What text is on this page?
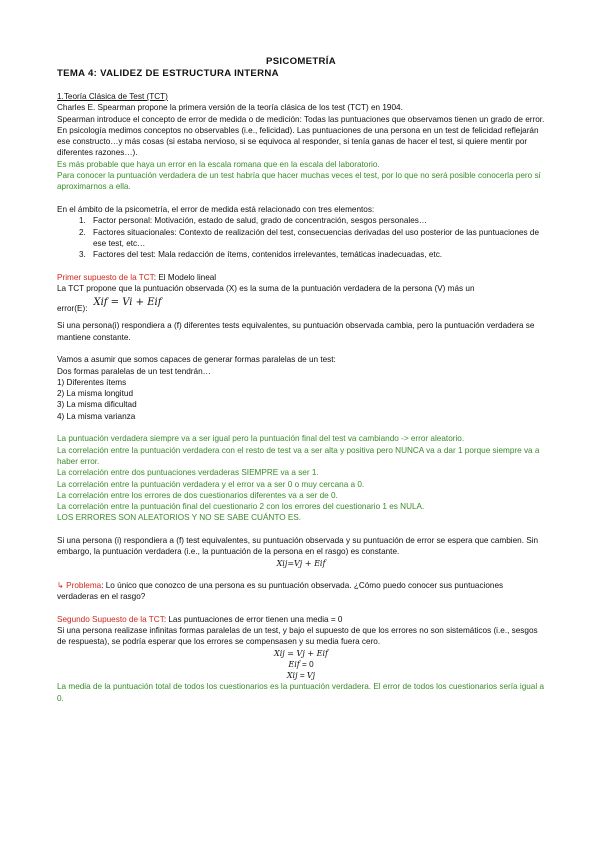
PSICOMETRÍA
TEMA 4: VALIDEZ DE ESTRUCTURA INTERNA
1.Teoría Clásica de Test (TCT)
Charles E. Spearman propone la primera versión de la teoría clásica de los test (TCT) en 1904.
Spearman introduce el concepto de error de medida o de medición: Todas las puntuaciones que observamos tienen un grado de error.
En psicología medimos conceptos no observables (i.e., felicidad). Las puntuaciones de una persona en un test de felicidad reflejarán ese constructo…y más cosas (si estaba nervioso, si se equivoca al responder, si tenía ganas de hacer el test, si quiere mentir por diferentes razones…).
Es más probable que haya un error en la escala romana que en la escala del laboratorio.
Para conocer la puntuación verdadera de un test habría que hacer muchas veces el test, por lo que no será posible conocerla pero sí aproximarnos a ella.
En el ámbito de la psicometría, el error de medida está relacionado con tres elementos:
1. Factor personal: Motivación, estado de salud, grado de concentración, sesgos personales…
2. Factores situacionales: Contexto de realización del test, consecuencias derivadas del uso posterior de las puntuaciones de ese test, etc…
3. Factores del test: Mala redacción de ítems, contenidos irrelevantes, temáticas inadecuadas, etc.
Primer supuesto de la TCT: El Modelo lineal
La TCT propone que la puntuación observada (X) es la suma de la puntuación verdadera de la persona (V) más un
error(E):
Xif = Vi + Eif
Si una persona(i) respondiera a (f) diferentes tests equivalentes, su puntuación observada cambia, pero la puntuación verdadera se mantiene constante.
Vamos a asumir que somos capaces de generar formas paralelas de un test:
Dos formas paralelas de un test tendrán…
1) Diferentes ítems
2) La misma longitud
3) La misma dificultad
4) La misma varianza
La puntuación verdadera siempre va a ser igual pero la puntuación final del test va cambiando -> error aleatorio.
La correlación entre la puntuación verdadera con el resto de test va a ser alta y positiva pero NUNCA va a dar 1 porque siempre va a haber error.
La correlación entre dos puntuaciones verdaderas SIEMPRE va a ser 1.
La correlación entre la puntuación verdadera y el error va a ser 0 o muy cercana a 0.
La correlación entre los errores de dos cuestionarios diferentes va a ser de 0.
La correlación entre la puntuación final del cuestionario 2 con los errores del cuestionario 1 es NULA.
LOS ERRORES SON ALEATORIOS Y NO SE SABE CUÁNTO ES.
Si una persona (i) respondiera a (f) test equivalentes, su puntuación observada y su puntuación de error se espera que cambien. Sin embargo, la puntuación verdadera (i.e., la puntuación de la persona en el rasgo) es constante.
Xij=Vj + Eif
↳ Problema: Lo único que conozco de una persona es su puntuación observada. ¿Cómo puedo conocer sus puntuaciones verdaderas en el rasgo?
Segundo Supuesto de la TCT: Las puntuaciones de error tienen una media = 0
Si una persona realizase infinitas formas paralelas de un test, y bajo el supuesto de que los errores no son sistemáticos (i.e., sesgos de respuesta), se podría esperar que los errores se compensasen y su media fuera cero.
Xij = Vj + Eif
Eif = 0
Xij = Vj
La media de la puntuación total de todos los cuestionarios es la puntuación verdadera. El error de todos los cuestionarios sería igual a 0.
